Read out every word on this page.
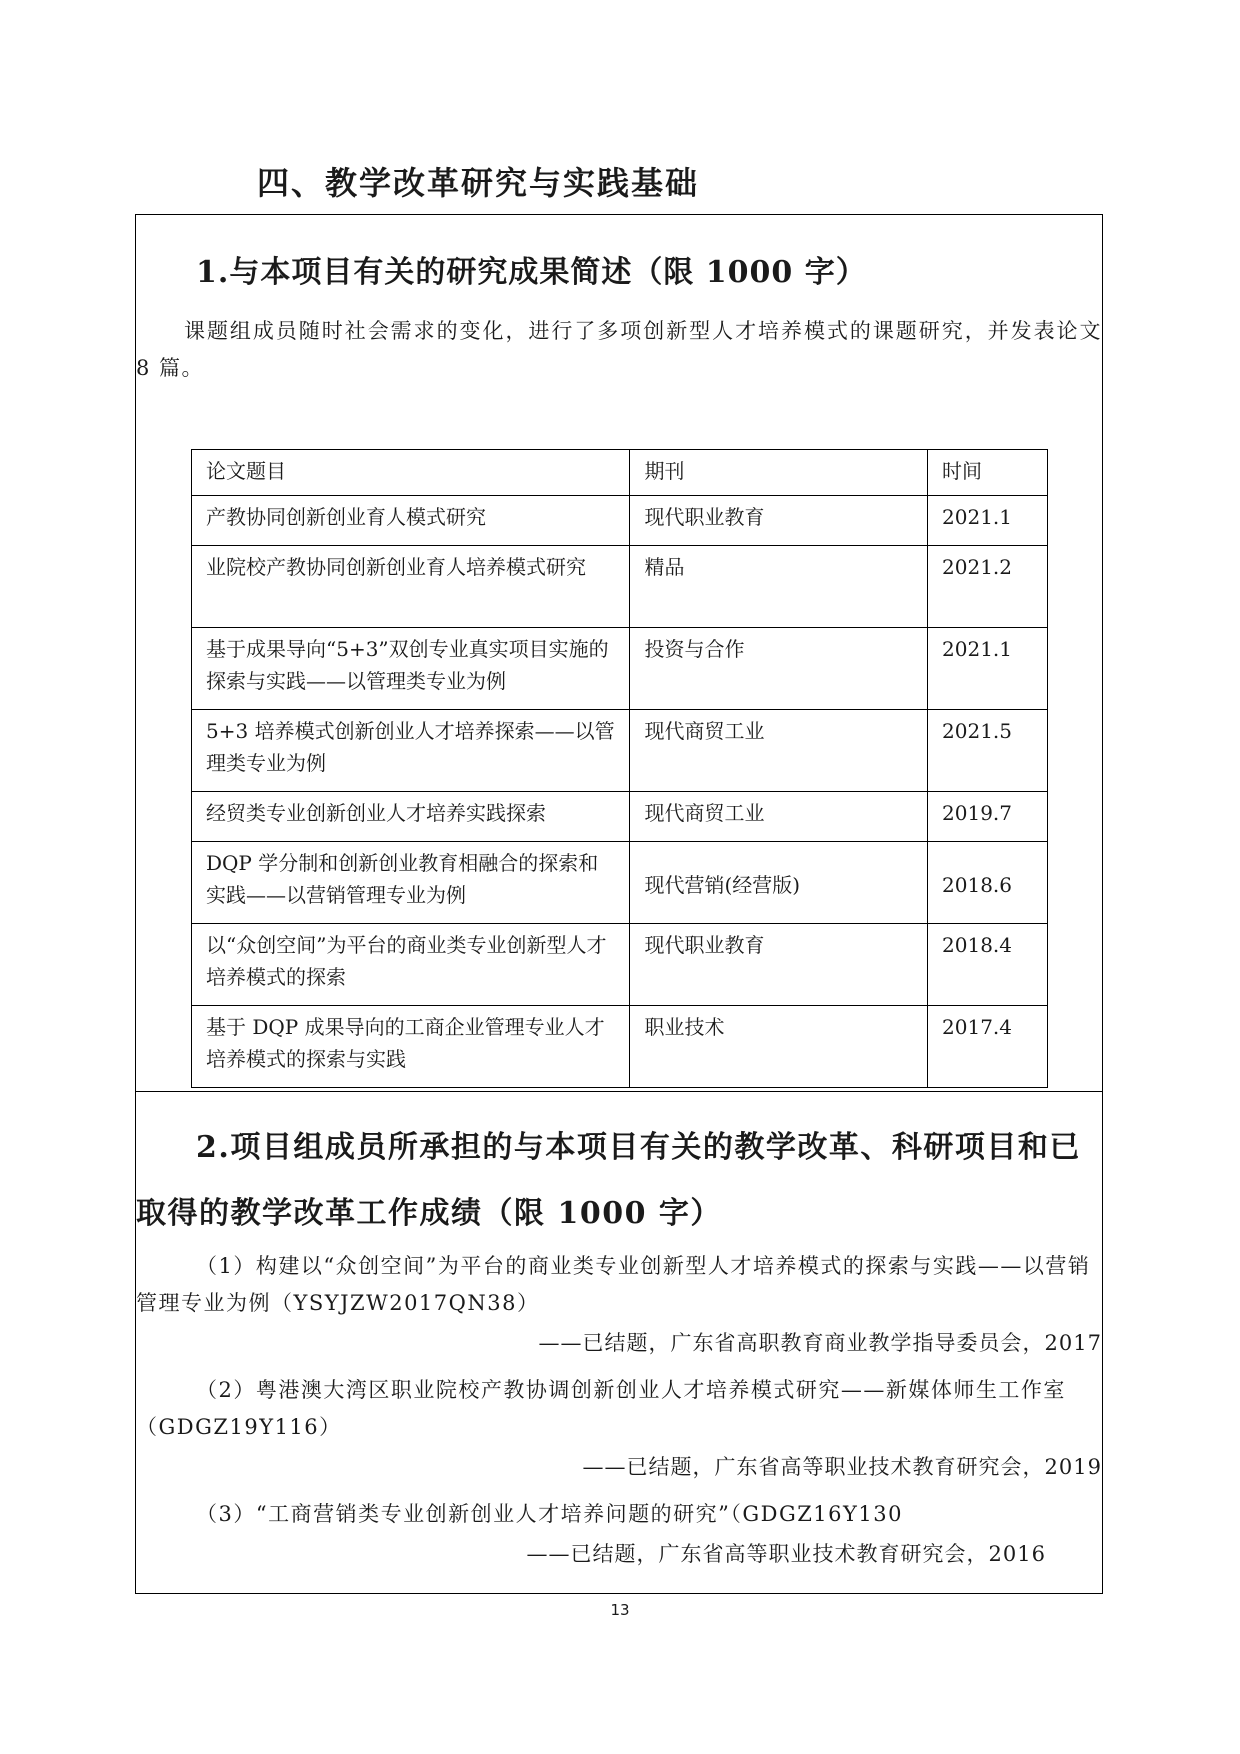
四、教学改革研究与实践基础
1.与本项目有关的研究成果简述（限 1000 字）

课题组成员随时社会需求的变化，进行了多项创新型人才培养模式的课题研究，并发表论文 8 篇。

论文题目	期刊	时间
产教协同创新创业育人模式研究	现代职业教育	2021.1
业院校产教协同创新创业育人培养模式研究	精品	2021.2
基于成果导向“5+3”双创专业真实项目实施的探索与实践——以管理类专业为例	投资与合作	2021.1
5+3 培养模式创新创业人才培养探索——以管理类专业为例	现代商贸工业	2021.5
经贸类专业创新创业人才培养实践探索	现代商贸工业	2019.7
DQP 学分制和创新创业教育相融合的探索和实践——以营销管理专业为例	现代营销(经营版)	2018.6
以“众创空间”为平台的商业类专业创新型人才培养模式的探索	现代职业教育	2018.4
基于 DQP 成果导向的工商企业管理专业人才培养模式的探索与实践	职业技术	2017.4
2.项目组成员所承担的与本项目有关的教学改革、科研项目和已取得的教学改革工作成绩（限 1000 字）

（1）构建以“众创空间”为平台的商业类专业创新型人才培养模式的探索与实践——以营销管理专业为例（YSYJZW2017QN38）

——已结题，广东省高职教育商业教学指导委员会，2017

（2）粤港澳大湾区职业院校产教协调创新创业人才培养模式研究——新媒体师生工作室（GDGZ19Y116）

——已结题，广东省高等职业技术教育研究会，2019

（3）“工商营销类专业创新创业人才培养问题的研究”（GDGZ16Y130

——已结题，广东省高等职业技术教育研究会，2016

13
